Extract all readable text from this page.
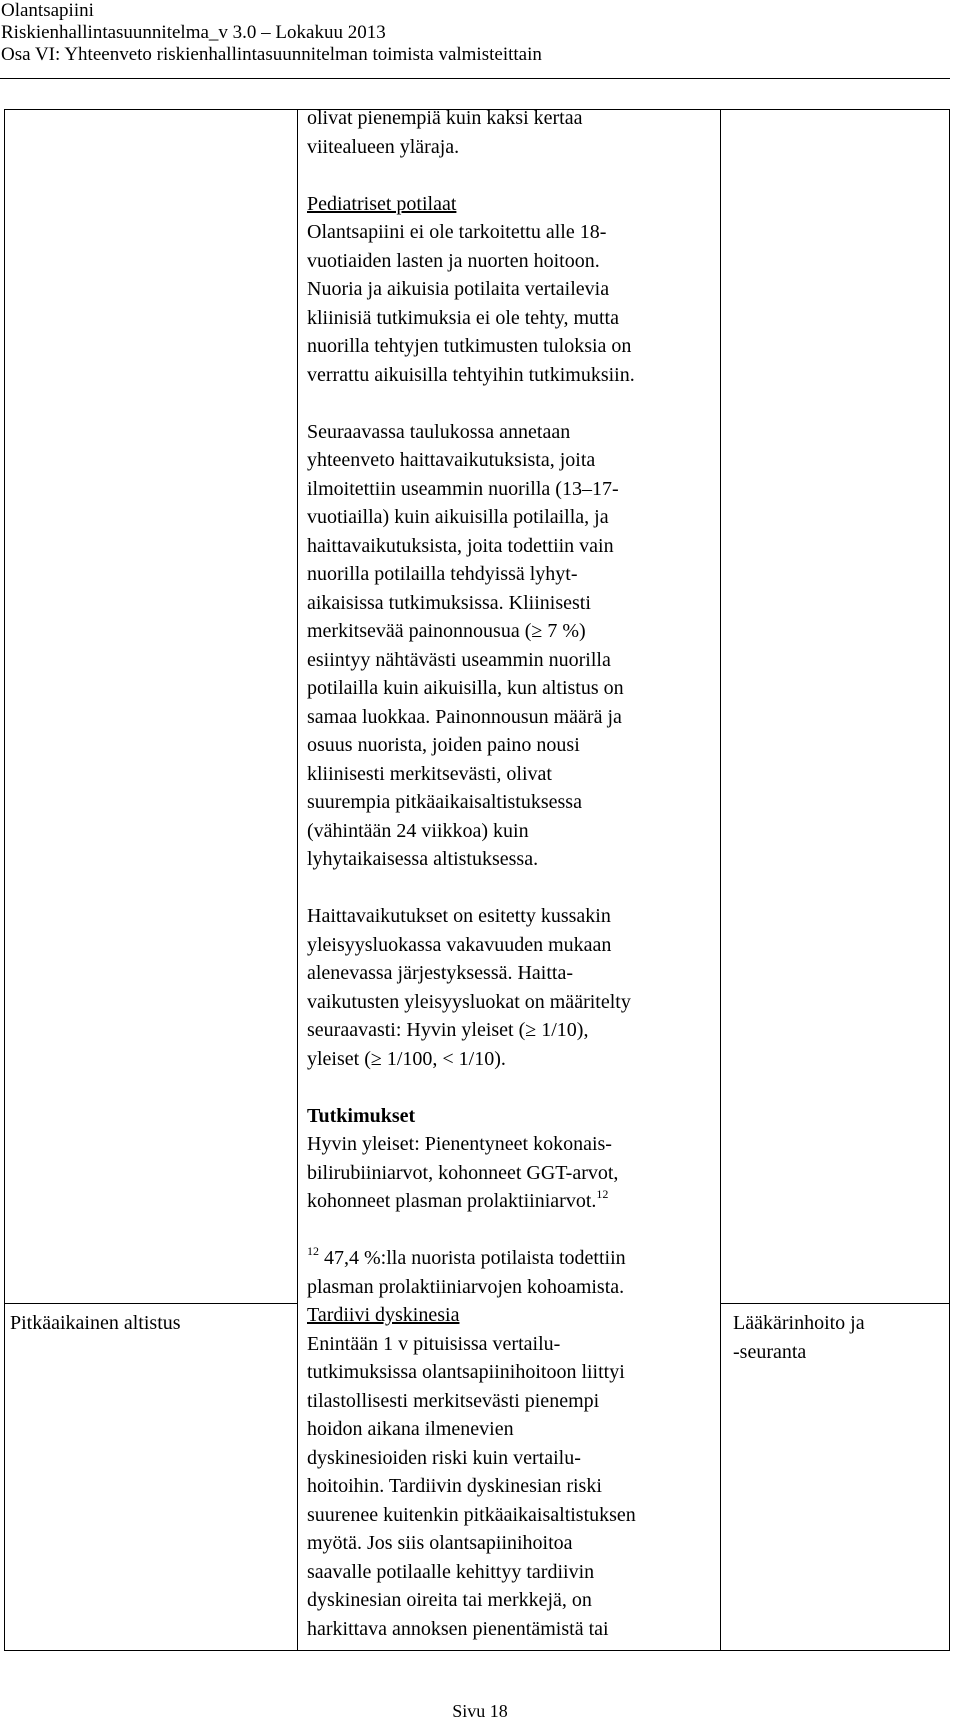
Olantsapiini
Riskienhallintasuunnitelma_v 3.0 – Lokakuu 2013
Osa VI: Yhteenveto riskienhallintasuunnitelman toimista valmisteittain

olivat pienempiä kuin kaksi kertaa

viitealueen yläraja.

Pediatriset potilaat

Olantsapiini ei ole tarkoitettu alle 18-

vuotiaiden lasten ja nuorten hoitoon.

Nuoria ja aikuisia potilaita vertailevia

kliinisiä tutkimuksia ei ole tehty, mutta

nuorilla tehtyjen tutkimusten tuloksia on

verrattu aikuisilla tehtyihin tutkimuksiin.

Seuraavassa taulukossa annetaan

yhteenveto haittavaikutuksista, joita

ilmoitettiin useammin nuorilla (13–17-

vuotiailla) kuin aikuisilla potilailla, ja

haittavaikutuksista, joita todettiin vain

nuorilla potilailla tehdyissä lyhyt-

aikaisissa tutkimuksissa. Kliinisesti

merkitsevää painonnousua (≥ 7 %)

esiintyy nähtävästi useammin nuorilla

potilailla kuin aikuisilla, kun altistus on

samaa luokkaa. Painonnousun määrä ja

osuus nuorista, joiden paino nousi

kliinisesti merkitsevästi, olivat

suurempia pitkäaikaisaltistuksessa

(vähintään 24 viikkoa) kuin

lyhytaikaisessa altistuksessa.

Haittavaikutukset on esitetty kussakin

yleisyysluokassa vakavuuden mukaan

alenevassa järjestyksessä. Haitta-

vaikutusten yleisyysluokat on määritelty

seuraavasti: Hyvin yleiset (≥ 1/10),

yleiset (≥ 1/100, < 1/10).

Tutkimukset

Hyvin yleiset: Pienentyneet kokonais-

bilirubiiniarvot, kohonneet GGT-arvot,

kohonneet plasman prolaktiiniarvot.$^{12}$

$^{12}$ 47,4 %:lla nuorista potilaista todettiin

plasman prolaktiiniarvojen kohoamista.

Tardiivi dyskinesia

Enintään 1 v pituisissa vertailu-

tutkimuksissa olantsapiinihoitoon liittyi

tilastollisesti merkitsevästi pienempi

hoidon aikana ilmenevien

dyskinesioiden riski kuin vertailu-

hoitoihin. Tardiivin dyskinesian riski

suurenee kuitenkin pitkäaikaisaltistuksen

myötä. Jos siis olantsapiinihoitoa

saavalle potilaalle kehittyy tardiivin

dyskinesian oireita tai merkkejä, on

harkittava annoksen pienentämistä tai

Pitkäaikainen altistus	Lääkärinhoito ja
-seuranta
Sivu 18
